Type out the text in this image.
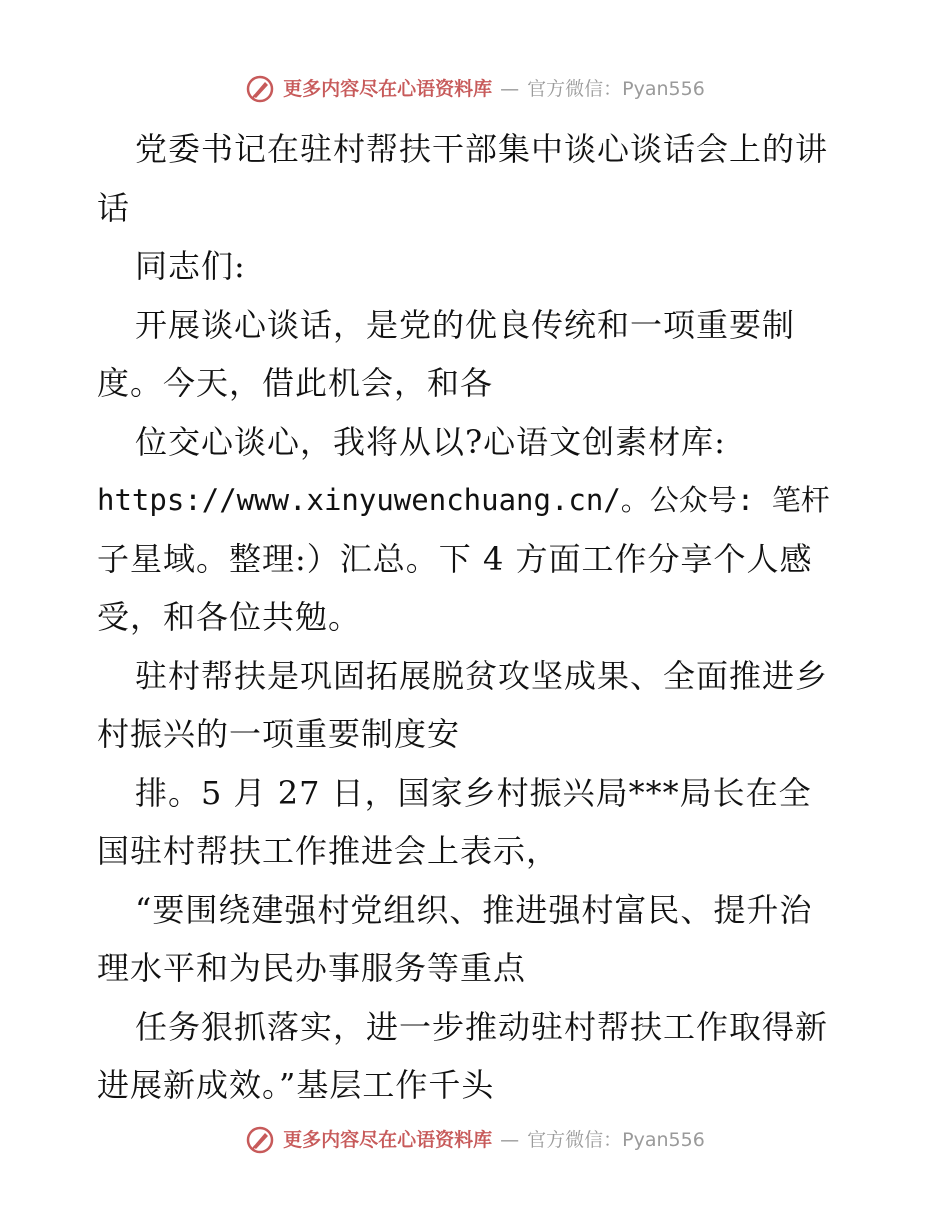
更多内容尽在心语资料库 — 官方微信：Pyan556
党委书记在驻村帮扶干部集中谈心谈话会上的讲
话
同志们:
开展谈心谈话，是党的优良传统和一项重要制
度。今天，借此机会，和各
位交心谈心，我将从以?心语文创素材库:
https://www.xinyuwenchuang.cn/。公众号: 笔杆
子星域。整理:）汇总。下 4 方面工作分享个人感
受，和各位共勉。
驻村帮扶是巩固拓展脱贫攻坚成果、全面推进乡
村振兴的一项重要制度安
排。5 月 27 日，国家乡村振兴局***局长在全
国驻村帮扶工作推进会上表示，
“要围绕建强村党组织、推进强村富民、提升治
理水平和为民办事服务等重点
任务狠抓落实，进一步推动驻村帮扶工作取得新
进展新成效。”基层工作千头
更多内容尽在心语资料库 — 官方微信：Pyan556
